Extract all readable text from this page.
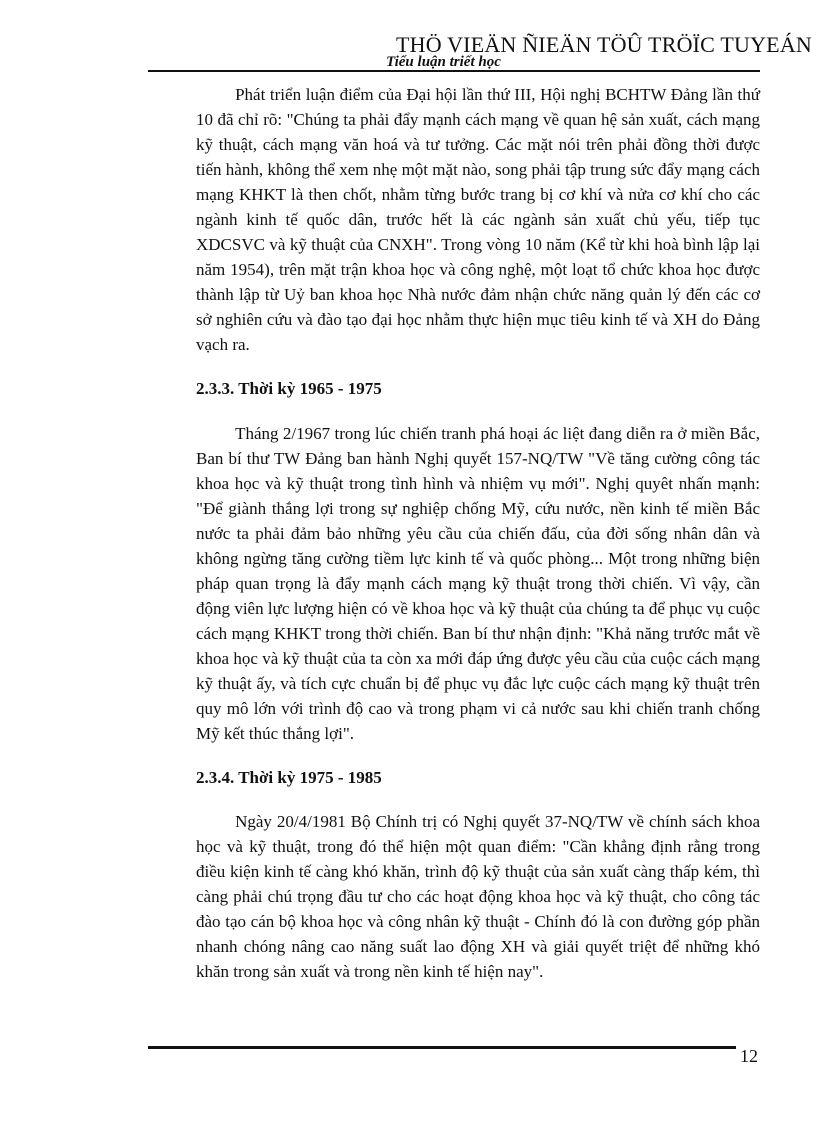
THÖ VIEÄN ÑIEÄN TÖÛ TRÖÏC TUYEÁN
Tiểu luận triết học

Phát triển luận điểm của Đại hội lần thứ III, Hội nghị BCHTW Đảng lần thứ 10 đã chỉ rõ: "Chúng ta phải đẩy mạnh cách mạng về quan hệ sản xuất, cách mạng kỹ thuật, cách mạng văn hoá và tư tưởng. Các mặt nói trên phải đồng thời được tiến hành, không thể xem nhẹ một mặt nào, song phải tập trung sức đẩy mạng cách mạng KHKT là then chốt, nhằm từng bước trang bị cơ khí và nửa cơ khí cho các ngành kinh tế quốc dân, trước hết là các ngành sản xuất chủ yếu, tiếp tục XDCSVC và kỹ thuật của CNXH". Trong vòng 10 năm (Kể từ khi hoà bình lập lại năm 1954), trên mặt trận khoa học và công nghệ, một loạt tổ chức khoa học được thành lập từ Uỷ ban khoa học Nhà nước đảm nhận chức năng quản lý đến các cơ sở nghiên cứu và đào tạo đại học nhằm thực hiện mục tiêu kinh tế và XH do Đảng vạch ra.

2.3.3. Thời kỳ 1965 - 1975

Tháng 2/1967 trong lúc chiến tranh phá hoại ác liệt đang diễn ra ở miền Bắc, Ban bí thư TW Đảng ban hành Nghị quyết 157-NQ/TW "Về tăng cường công tác khoa học và kỹ thuật trong tình hình và nhiệm vụ mới". Nghị quyêt nhấn mạnh: "Để giành thắng lợi trong sự nghiệp chống Mỹ, cứu nước, nền kinh tế miền Bắc nước ta phải đảm bảo những yêu cầu của chiến đấu, của đời sống nhân dân và không ngừng tăng cường tiềm lực kinh tế và quốc phòng... Một trong những biện pháp quan trọng là đẩy mạnh cách mạng kỹ thuật trong thời chiến. Vì vậy, cần động viên lực lượng hiện có về khoa học và kỹ thuật của chúng ta để phục vụ cuộc cách mạng KHKT trong thời chiến. Ban bí thư nhận định: "Khả năng trước mắt về khoa học và kỹ thuật của ta còn xa mới đáp ứng được yêu cầu của cuộc cách mạng kỹ thuật ấy, và tích cực chuẩn bị để phục vụ đắc lực cuộc cách mạng kỹ thuật trên quy mô lớn với trình độ cao và trong phạm vi cả nước sau khi chiến tranh chống Mỹ kết thúc thắng lợi".

2.3.4. Thời kỳ 1975 - 1985

Ngày 20/4/1981 Bộ Chính trị có Nghị quyết 37-NQ/TW về chính sách khoa học và kỹ thuật, trong đó thể hiện một quan điểm: "Cần khẳng định rằng trong điều kiện kinh tế càng khó khăn, trình độ kỹ thuật của sản xuất càng thấp kém, thì càng phải chú trọng đầu tư cho các hoạt động khoa học và kỹ thuật, cho công tác đào tạo cán bộ khoa học và công nhân kỹ thuật - Chính đó là con đường góp phần nhanh chóng nâng cao năng suất lao động XH và giải quyết triệt để những khó khăn trong sản xuất và trong nền kinh tế hiện nay".

12
